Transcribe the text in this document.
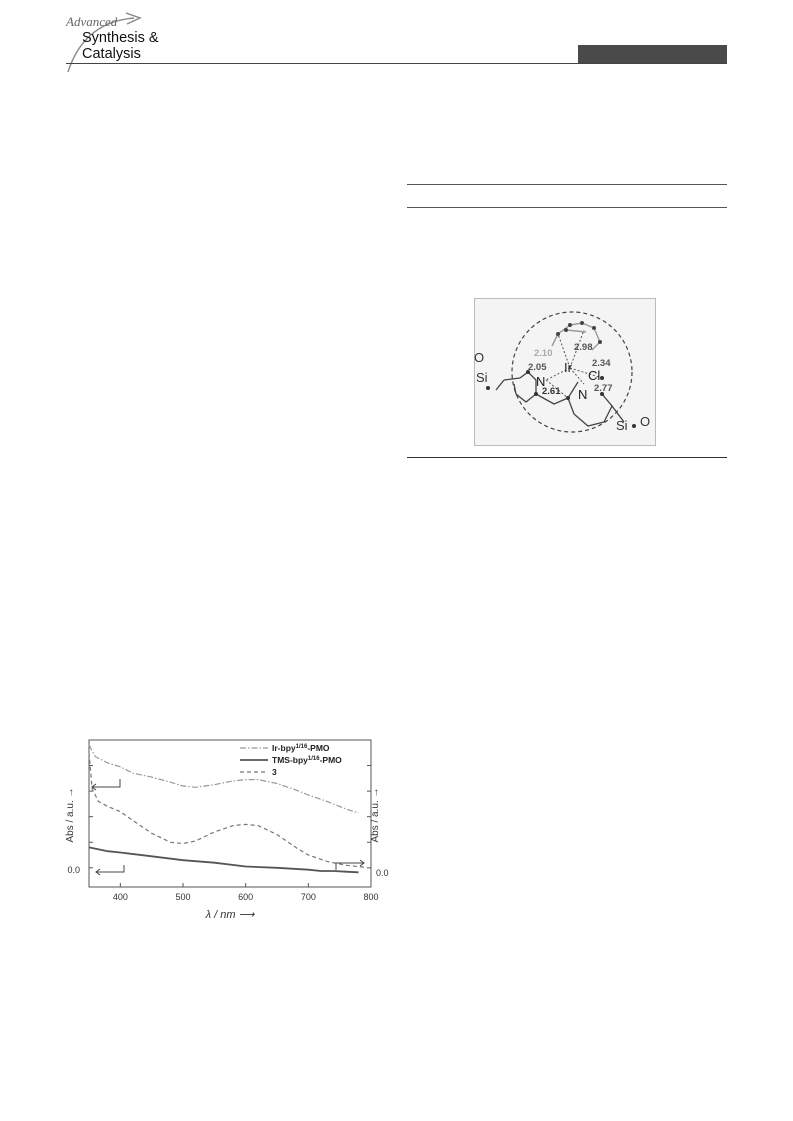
Advanced
Synthesis &
Catalysis
O
Si
Si O
Ir
Cl
N
N
2.10
2.98
2.05	2.34
2.77
2.61
400	500	600	700	800
Ir-bpy$^{1/16}$-PMO
TMS-bpy$^{1/16}$-PMO
3
0.0	0.0
Abs / a.u. →
Abs / a.u. →
λ / nm ⟶
